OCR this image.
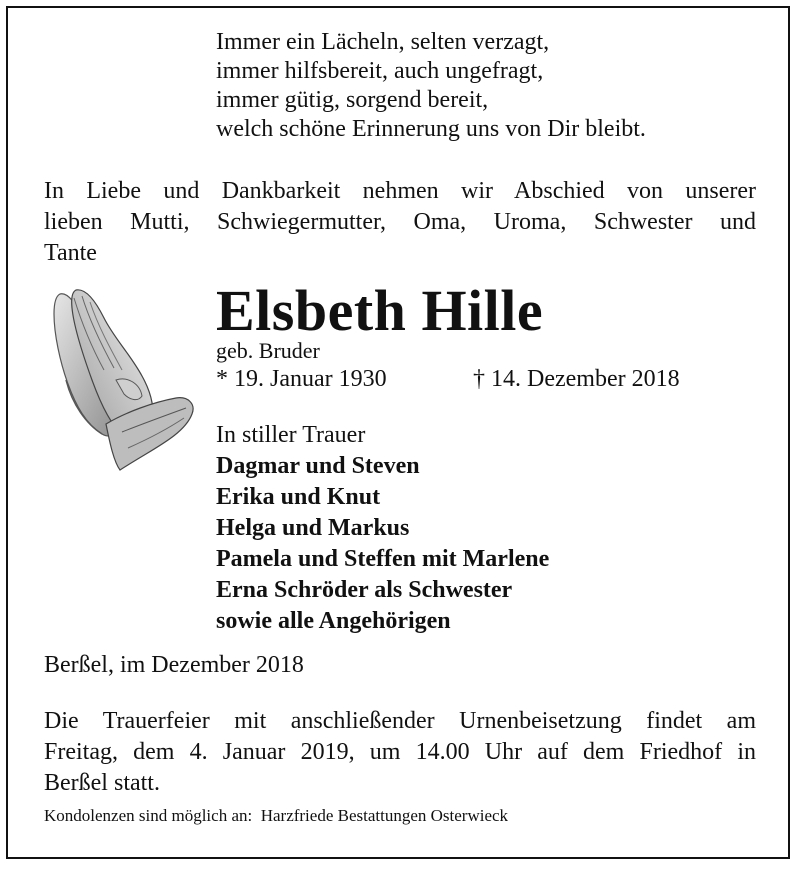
Immer ein Lächeln, selten verzagt,
immer hilfsbereit, auch ungefragt,
immer gütig, sorgend bereit,
welch schöne Erinnerung uns von Dir bleibt.
In Liebe und Dankbarkeit nehmen wir Abschied von unserer
lieben Mutti, Schwiegermutter, Oma, Uroma, Schwester und
Tante
Elsbeth Hille
geb. Bruder
* 19. Januar 1930	† 14. Dezember 2018
In stiller Trauer
Dagmar und Steven
Erika und Knut
Helga und Markus
Pamela und Steffen mit Marlene
Erna Schröder als Schwester
sowie alle Angehörigen
Berßel, im Dezember 2018
Die Trauerfeier mit anschließender Urnenbeisetzung findet am
Freitag, dem 4. Januar 2019, um 14.00 Uhr auf dem Friedhof in
Berßel statt.
Kondolenzen sind möglich an:  Harzfriede Bestattungen Osterwieck
